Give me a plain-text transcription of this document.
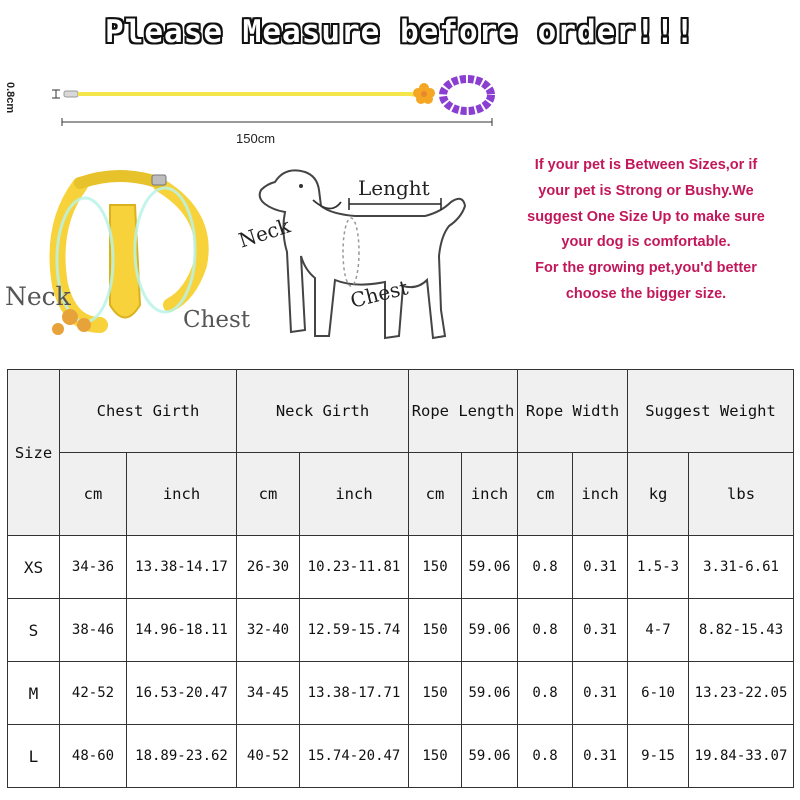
Please Measure before order!!!
0.8cm
150cm
Neck
Chest
Neck
Lenght
Chest
If your pet is Between Sizes,or if
your pet is Strong or Bushy.We
suggest One Size Up to make sure
your dog is comfortable.
For the growing pet,you'd better
choose the bigger size.
Size	Chest Girth		Neck Girth		Rope Length		Rope Width		Suggest Weight	
	cm	inch	cm	inch	cm	inch	cm	inch	kg	lbs
XS	34-36	13.38-14.17	26-30	10.23-11.81	150	59.06	0.8	0.31	1.5-3	3.31-6.61
S	38-46	14.96-18.11	32-40	12.59-15.74	150	59.06	0.8	0.31	4-7	8.82-15.43
M	42-52	16.53-20.47	34-45	13.38-17.71	150	59.06	0.8	0.31	6-10	13.23-22.05
L	48-60	18.89-23.62	40-52	15.74-20.47	150	59.06	0.8	0.31	9-15	19.84-33.07
